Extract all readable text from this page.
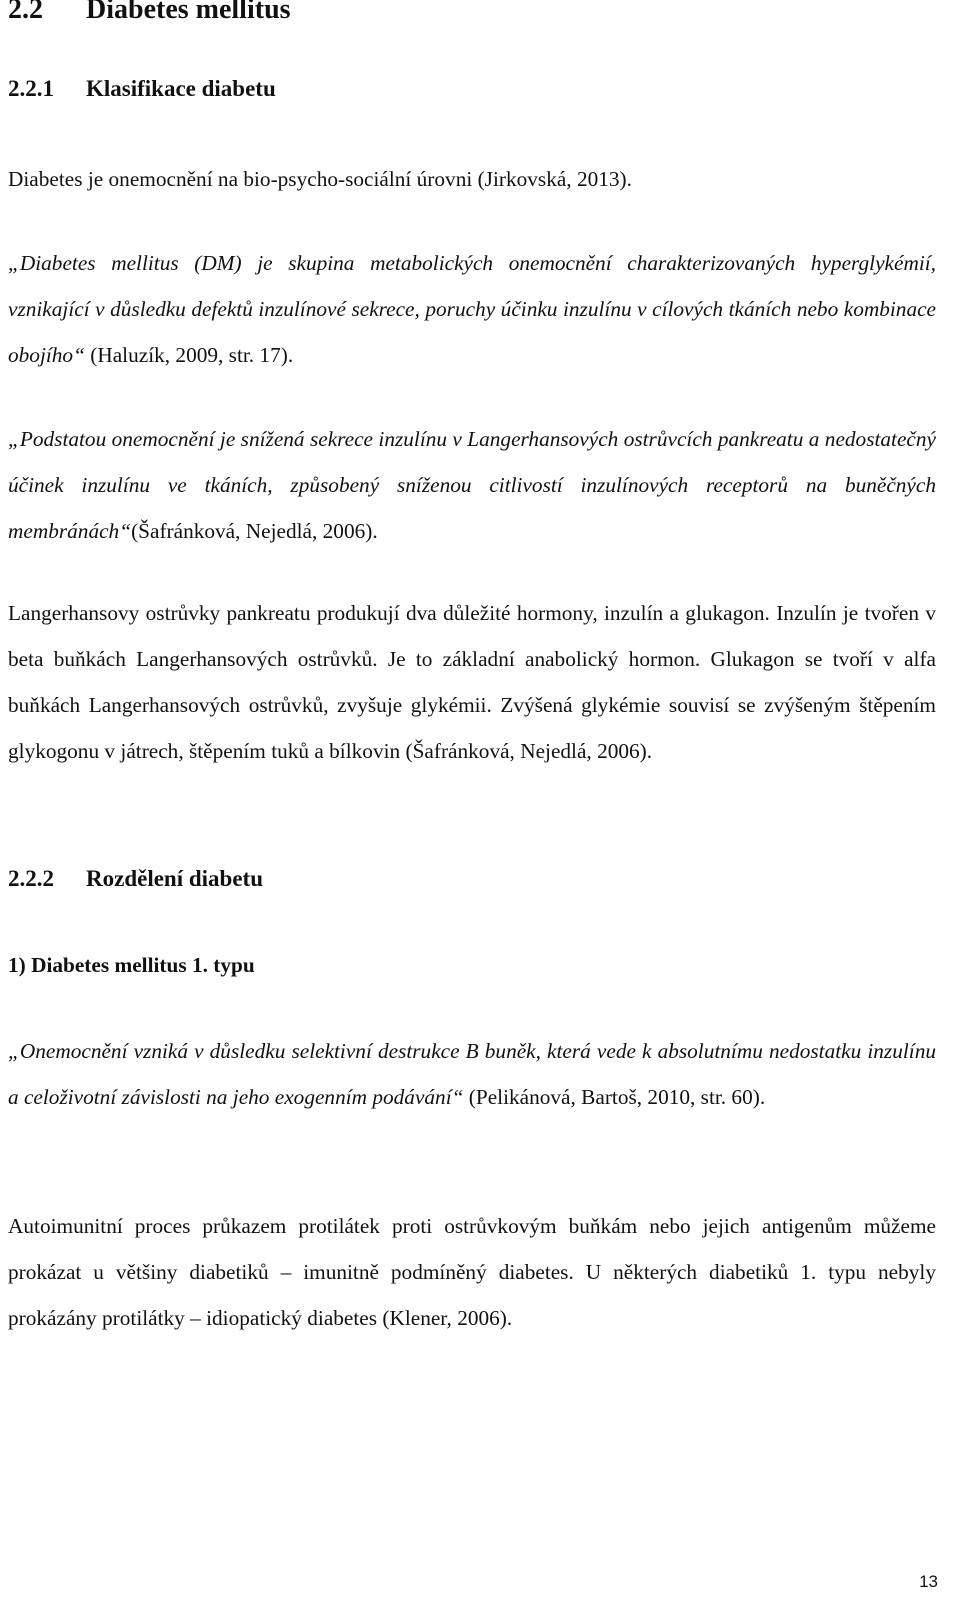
2.2 Diabetes mellitus
2.2.1 Klasifikace diabetu

Diabetes je onemocnění na bio-psycho-sociální úrovni (Jirkovská, 2013).

„Diabetes mellitus (DM) je skupina metabolických onemocnění charakterizovaných hyperglykémií, vznikající v důsledku defektů inzulínové sekrece, poruchy účinku inzulínu v cílových tkáních nebo kombinace obojího“ (Haluzík, 2009, str. 17).

„Podstatou onemocnění je snížená sekrece inzulínu v Langerhansových ostrůvcích pankreatu a nedostatečný účinek inzulínu ve tkáních, způsobený sníženou citlivostí inzulínových receptorů na buněčných membránách“(Šafránková, Nejedlá, 2006).

Langerhansovy ostrůvky pankreatu produkují dva důležité hormony, inzulín a glukagon. Inzulín je tvořen v beta buňkách Langerhansových ostrůvků. Je to základní anabolický hormon. Glukagon se tvoří v alfa buňkách Langerhansových ostrůvků, zvyšuje glykémii. Zvýšená glykémie souvisí se zvýšeným štěpením glykogonu v játrech, štěpením tuků a bílkovin (Šafránková, Nejedlá, 2006).

2.2.2 Rozdělení diabetu
1) Diabetes mellitus 1. typu

„Onemocnění vzniká v důsledku selektivní destrukce B buněk, která vede k absolutnímu nedostatku inzulínu a celoživotní závislosti na jeho exogenním podávání“ (Pelikánová, Bartoš, 2010, str. 60).

Autoimunitní proces průkazem protilátek proti ostrůvkovým buňkám nebo jejich antigenům můžeme prokázat u většiny diabetiků – imunitně podmíněný diabetes. U některých diabetiků 1. typu nebyly prokázány protilátky – idiopatický diabetes (Klener, 2006).

13
